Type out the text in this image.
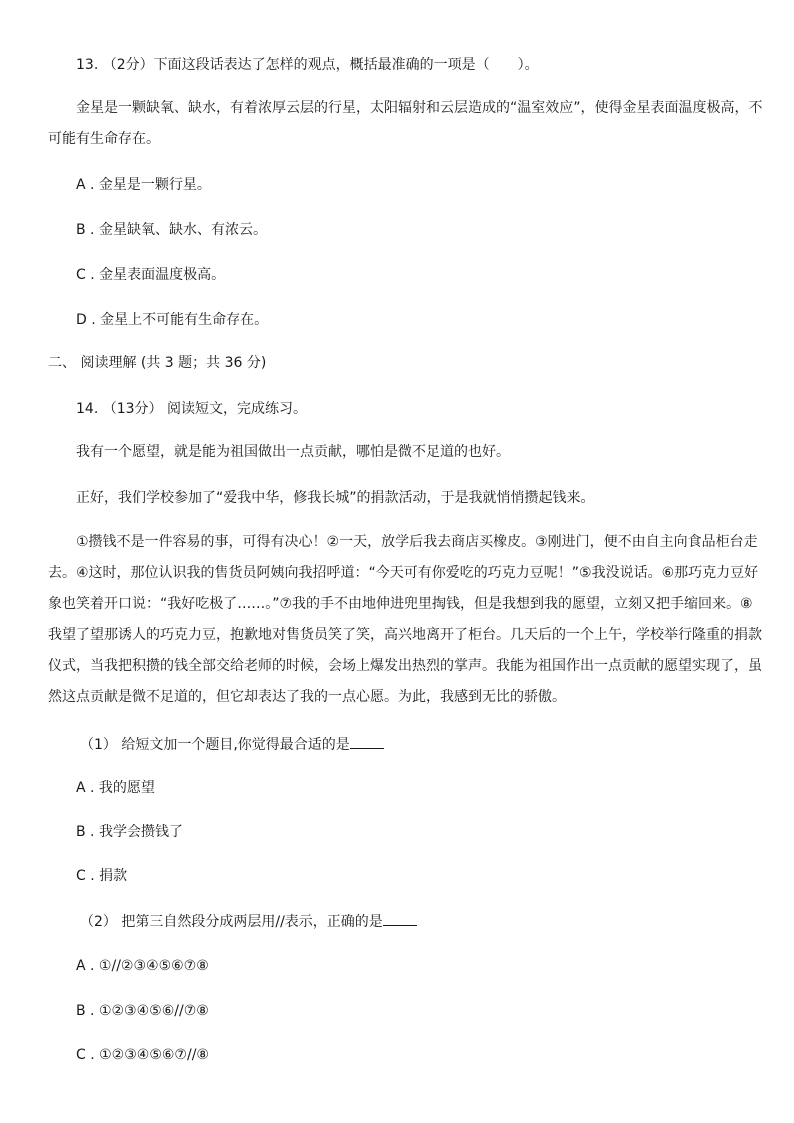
13. （2分）下面这段话表达了怎样的观点，概括最准确的一项是（　　）。

金星是一颗缺氧、缺水，有着浓厚云层的行星，太阳辐射和云层造成的“温室效应”，使得金星表面温度极高，不可能有生命存在。

A . 金星是一颗行星。
B . 金星缺氧、缺水、有浓云。
C . 金星表面温度极高。
D . 金星上不可能有生命存在。
二、 阅读理解 (共 3 题；共 36 分)
14. （13分） 阅读短文，完成练习。
我有一个愿望，就是能为祖国做出一点贡献，哪怕是微不足道的也好。
正好，我们学校参加了“爱我中华，修我长城”的捐款活动，于是我就悄悄攒起钱来。

①攒钱不是一件容易的事，可得有决心！②一天，放学后我去商店买橡皮。③刚进门，便不由自主向食品柜台走去。④这时，那位认识我的售货员阿姨向我招呼道：“今天可有你爱吃的巧克力豆呢！”⑤我没说话。⑥那巧克力豆好象也笑着开口说：“我好吃极了……。”⑦我的手不由地伸进兜里掏钱，但是我想到我的愿望，立刻又把手缩回来。⑧我望了望那诱人的巧克力豆，抱歉地对售货员笑了笑，高兴地离开了柜台。几天后的一个上午，学校举行隆重的捐款仪式，当我把积攒的钱全部交给老师的时候，会场上爆发出热烈的掌声。我能为祖国作出一点贡献的愿望实现了，虽然这点贡献是微不足道的，但它却表达了我的一点心愿。为此，我感到无比的骄傲。

（1） 给短文加一个题目,你觉得最合适的是
A . 我的愿望
B . 我学会攒钱了
C . 捐款
（2） 把第三自然段分成两层用//表示，正确的是
A . ①//②③④⑤⑥⑦⑧
B . ①②③④⑤⑥//⑦⑧
C . ①②③④⑤⑥⑦//⑧
